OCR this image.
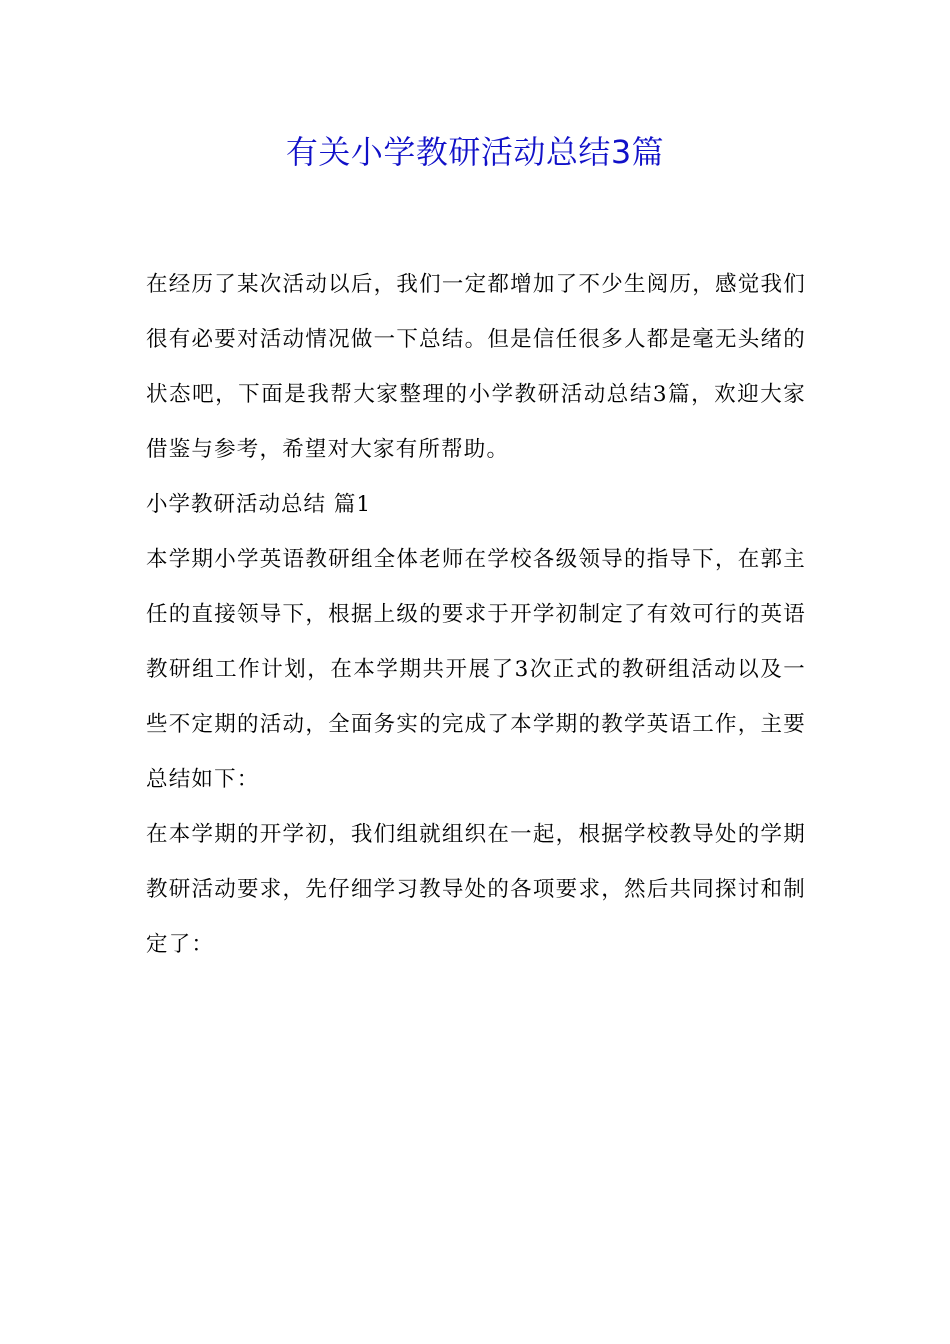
有关小学教研活动总结3篇

在经历了某次活动以后，我们一定都增加了不少生阅历，感觉我们很有必要对活动情况做一下总结。但是信任很多人都是毫无头绪的状态吧，下面是我帮大家整理的小学教研活动总结3篇，欢迎大家借鉴与参考，希望对大家有所帮助。

小学教研活动总结 篇1

本学期小学英语教研组全体老师在学校各级领导的指导下，在郭主任的直接领导下，根据上级的要求于开学初制定了有效可行的英语教研组工作计划，在本学期共开展了3次正式的教研组活动以及一些不定期的活动，全面务实的完成了本学期的教学英语工作，主要总结如下：

在本学期的开学初，我们组就组织在一起，根据学校教导处的学期教研活动要求，先仔细学习教导处的各项要求，然后共同探讨和制定了：
